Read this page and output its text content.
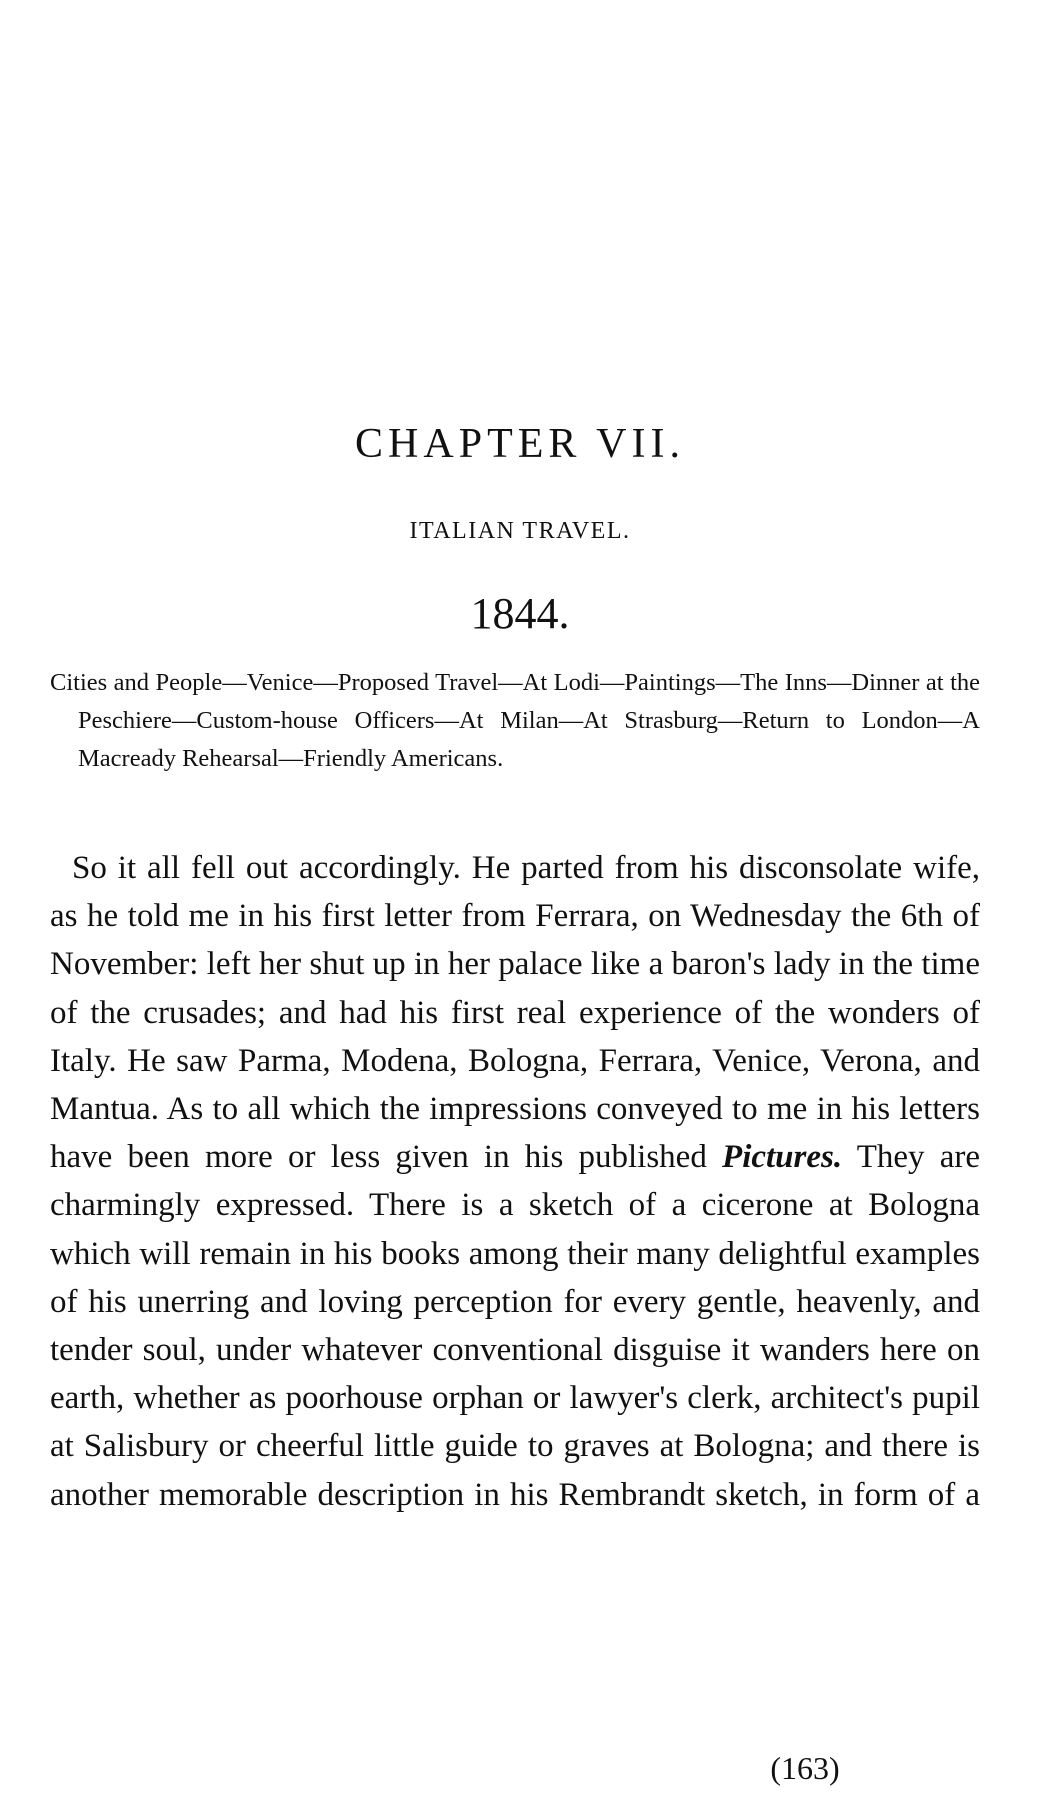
CHAPTER VII.
ITALIAN TRAVEL.
1844.
Cities and People—Venice—Proposed Travel—At Lodi—Paintings—The Inns—Dinner at the Peschiere—Custom-house Officers—At Milan—At Strasburg—Return to London—A Macready Rehearsal—Friendly Americans.

So it all fell out accordingly. He parted from his disconsolate wife, as he told me in his first letter from Ferrara, on Wednesday the 6th of November: left her shut up in her palace like a baron's lady in the time of the crusades; and had his first real experience of the wonders of Italy. He saw Parma, Modena, Bologna, Ferrara, Venice, Verona, and Mantua. As to all which the impressions conveyed to me in his letters have been more or less given in his published Pictures. They are charmingly expressed. There is a sketch of a cicerone at Bologna which will remain in his books among their many delightful examples of his unerring and loving perception for every gentle, heavenly, and tender soul, under whatever conventional disguise it wanders here on earth, whether as poorhouse orphan or lawyer's clerk, architect's pupil at Salisbury or cheerful little guide to graves at Bologna; and there is another memorable description in his Rembrandt sketch, in form of a

(163)
